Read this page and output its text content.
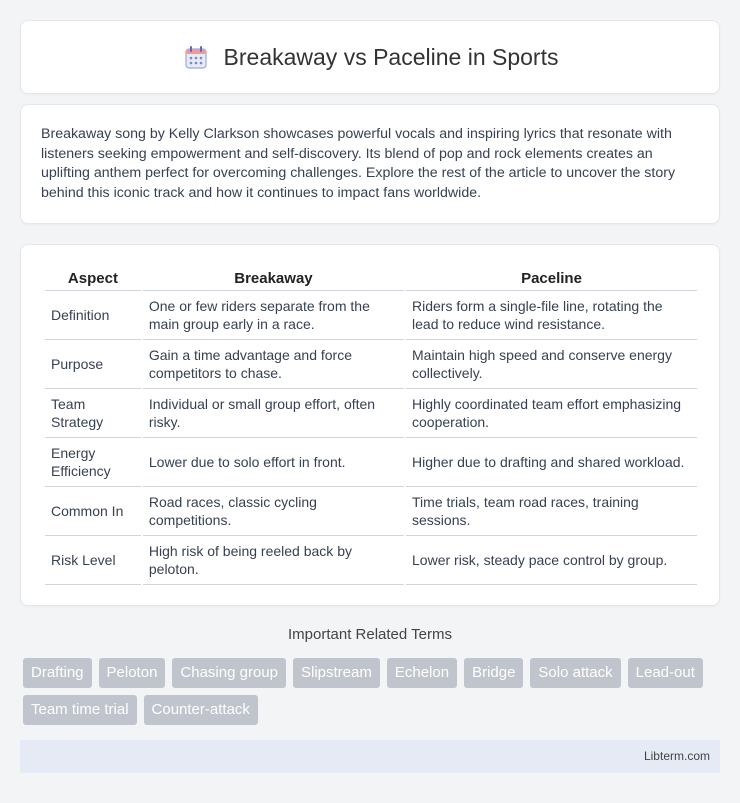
Breakaway vs Paceline in Sports

Breakaway song by Kelly Clarkson showcases powerful vocals and inspiring lyrics that resonate with listeners seeking empowerment and self-discovery. Its blend of pop and rock elements creates an uplifting anthem perfect for overcoming challenges. Explore the rest of the article to uncover the story behind this iconic track and how it continues to impact fans worldwide.

Aspect	Breakaway	Paceline
Definition	One or few riders separate from the main group early in a race.	Riders form a single-file line, rotating the lead to reduce wind resistance.
Purpose	Gain a time advantage and force competitors to chase.	Maintain high speed and conserve energy collectively.
Team Strategy	Individual or small group effort, often risky.	Highly coordinated team effort emphasizing cooperation.
Energy Efficiency	Lower due to solo effort in front.	Higher due to drafting and shared workload.
Common In	Road races, classic cycling competitions.	Time trials, team road races, training sessions.
Risk Level	High risk of being reeled back by peloton.	Lower risk, steady pace control by group.
Important Related Terms
Drafting	Peloton	Chasing group	Slipstream	Echelon	Bridge	Solo attack	Lead-out
Team time trial	Counter-attack
Libterm.com
